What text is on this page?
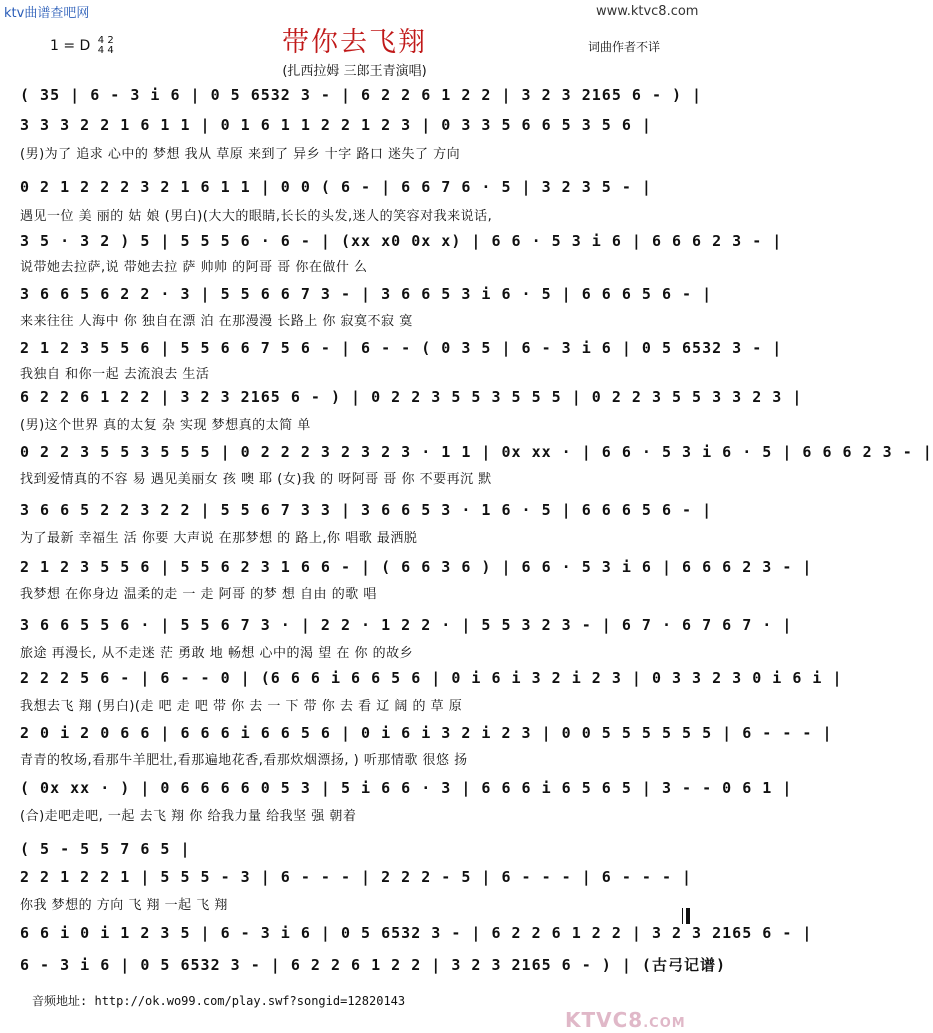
ktv曲谱查吧网	www.ktvc8.com
带你去飞翔
1 = D 4 2
4 4	词曲作者不详
(扎西拉姆 三郎王青演唱)
( 35 | 6 - 3 i 6 | 0 5 6532 3 - | 6 2 2 6 1 2 2 | 3 2 3 2165 6 - ) |
3 3 3 2 2 1 6 1 1 | 0 1 6 1 1 2 2 1 2 3 | 0 3 3 5 6 6 5 3 5 6 |
(男)为了 追求 心中的 梦想 我从 草原 来到了 异乡 十字 路口 迷失了 方向
0 2 1 2 2 2 3 2 1 6 1 1 | 0 0 ( 6 - | 6 6 7 6 · 5 | 3 2 3 5 - |
遇见一位 美 丽的 姑 娘 (男白)(大大的眼睛,长长的头发,迷人的笑容对我来说话,
3 5 · 3 2 ) 5 | 5 5 5 6 · 6 - | (xx x0 0x x) | 6 6 · 5 3 i 6 | 6 6 6 2 3 - |
说带她去拉萨,说 带她去拉 萨 帅帅 的阿哥 哥 你在做什 么
3 6 6 5 6 2 2 · 3 | 5 5 6 6 7 3 - | 3 6 6 5 3 i 6 · 5 | 6 6 6 5 6 - |
来来往往 人海中 你 独自在漂 泊 在那漫漫 长路上 你 寂寞不寂 寞
2 1 2 3 5 5 6 | 5 5 6 6 7 5 6 - | 6 - - ( 0 3 5 | 6 - 3 i 6 | 0 5 6532 3 - |
我独自 和你一起 去流浪去 生活
6 2 2 6 1 2 2 | 3 2 3 2165 6 - ) | 0 2 2 3 5 5 3 5 5 5 | 0 2 2 3 5 5 3 3 2 3 |
(男)这个世界 真的太复 杂 实现 梦想真的太简 单
0 2 2 3 5 5 3 5 5 5 | 0 2 2 2 3 2 3 2 3 · 1 1 | 0x xx · | 6 6 · 5 3 i 6 · 5 | 6 6 6 2 3 - |
找到爱情真的不容 易 遇见美丽女 孩 噢 耶 (女)我 的 呀阿哥 哥 你 不要再沉 默
3 6 6 5 2 2 3 2 2 | 5 5 6 7 3 3 | 3 6 6 5 3 · 1 6 · 5 | 6 6 6 5 6 - |
为了最新 幸福生 活 你要 大声说 在那梦想 的 路上,你 唱歌 最洒脱
2 1 2 3 5 5 6 | 5 5 6 2 3 1 6 6 - | ( 6 6 3 6 ) | 6 6 · 5 3 i 6 | 6 6 6 2 3 - |
我梦想 在你身边 温柔的走 一 走 阿哥 的梦 想 自由 的歌 唱
3 6 6 5 5 6 · | 5 5 6 7 3 · | 2 2 · 1 2 2 · | 5 5 3 2 3 - | 6 7 · 6 7 6 7 · |
旅途 再漫长, 从不走迷 茫 勇敢 地 畅想 心中的渴 望 在 你 的故乡
2 2 2 5 6 - | 6 - - 0 | (6 6 6 i 6 6 5 6 | 0 i 6 i 3 2 i 2 3 | 0 3 3 2 3 0 i 6 i |
我想去飞 翔 (男白)(走 吧 走 吧 带 你 去 一 下 带 你 去 看 辽 阔 的 草 原
2 0 i 2 0 6 6 | 6 6 6 i 6 6 5 6 | 0 i 6 i 3 2 i 2 3 | 0 0 5 5 5 5 5 5 | 6 - - - |
青青的牧场,看那牛羊肥壮,看那遍地花香,看那炊烟漂扬, ) 听那情歌 很悠 扬
( 0x xx · ) | 0 6 6 6 6 0 5 3 | 5 i 6 6 · 3 | 6 6 6 i 6 5 6 5 | 3 - - 0 6 1 |
(合)走吧走吧, 一起 去飞 翔 你 给我力量 给我坚 强 朝着
( 5 - 5 5 7 6 5 |
2 2 1 2 2 1 | 5 5 5 - 3 | 6 - - - | 2 2 2 - 5 | 6 - - - | 6 - - - |
你我 梦想的 方向 飞 翔 一起 飞 翔
6 6 i 0 i 1 2 3 5 | 6 - 3 i 6 | 0 5 6532 3 - | 6 2 2 6 1 2 2 | 3 2 3 2165 6 - |
6 - 3 i 6 | 0 5 6532 3 - | 6 2 2 6 1 2 2 | 3 2 3 2165 6 - ) | (古弓记谱)
音频地址: http://ok.wo99.com/play.swf?songid=12820143
KTVC8.COM
